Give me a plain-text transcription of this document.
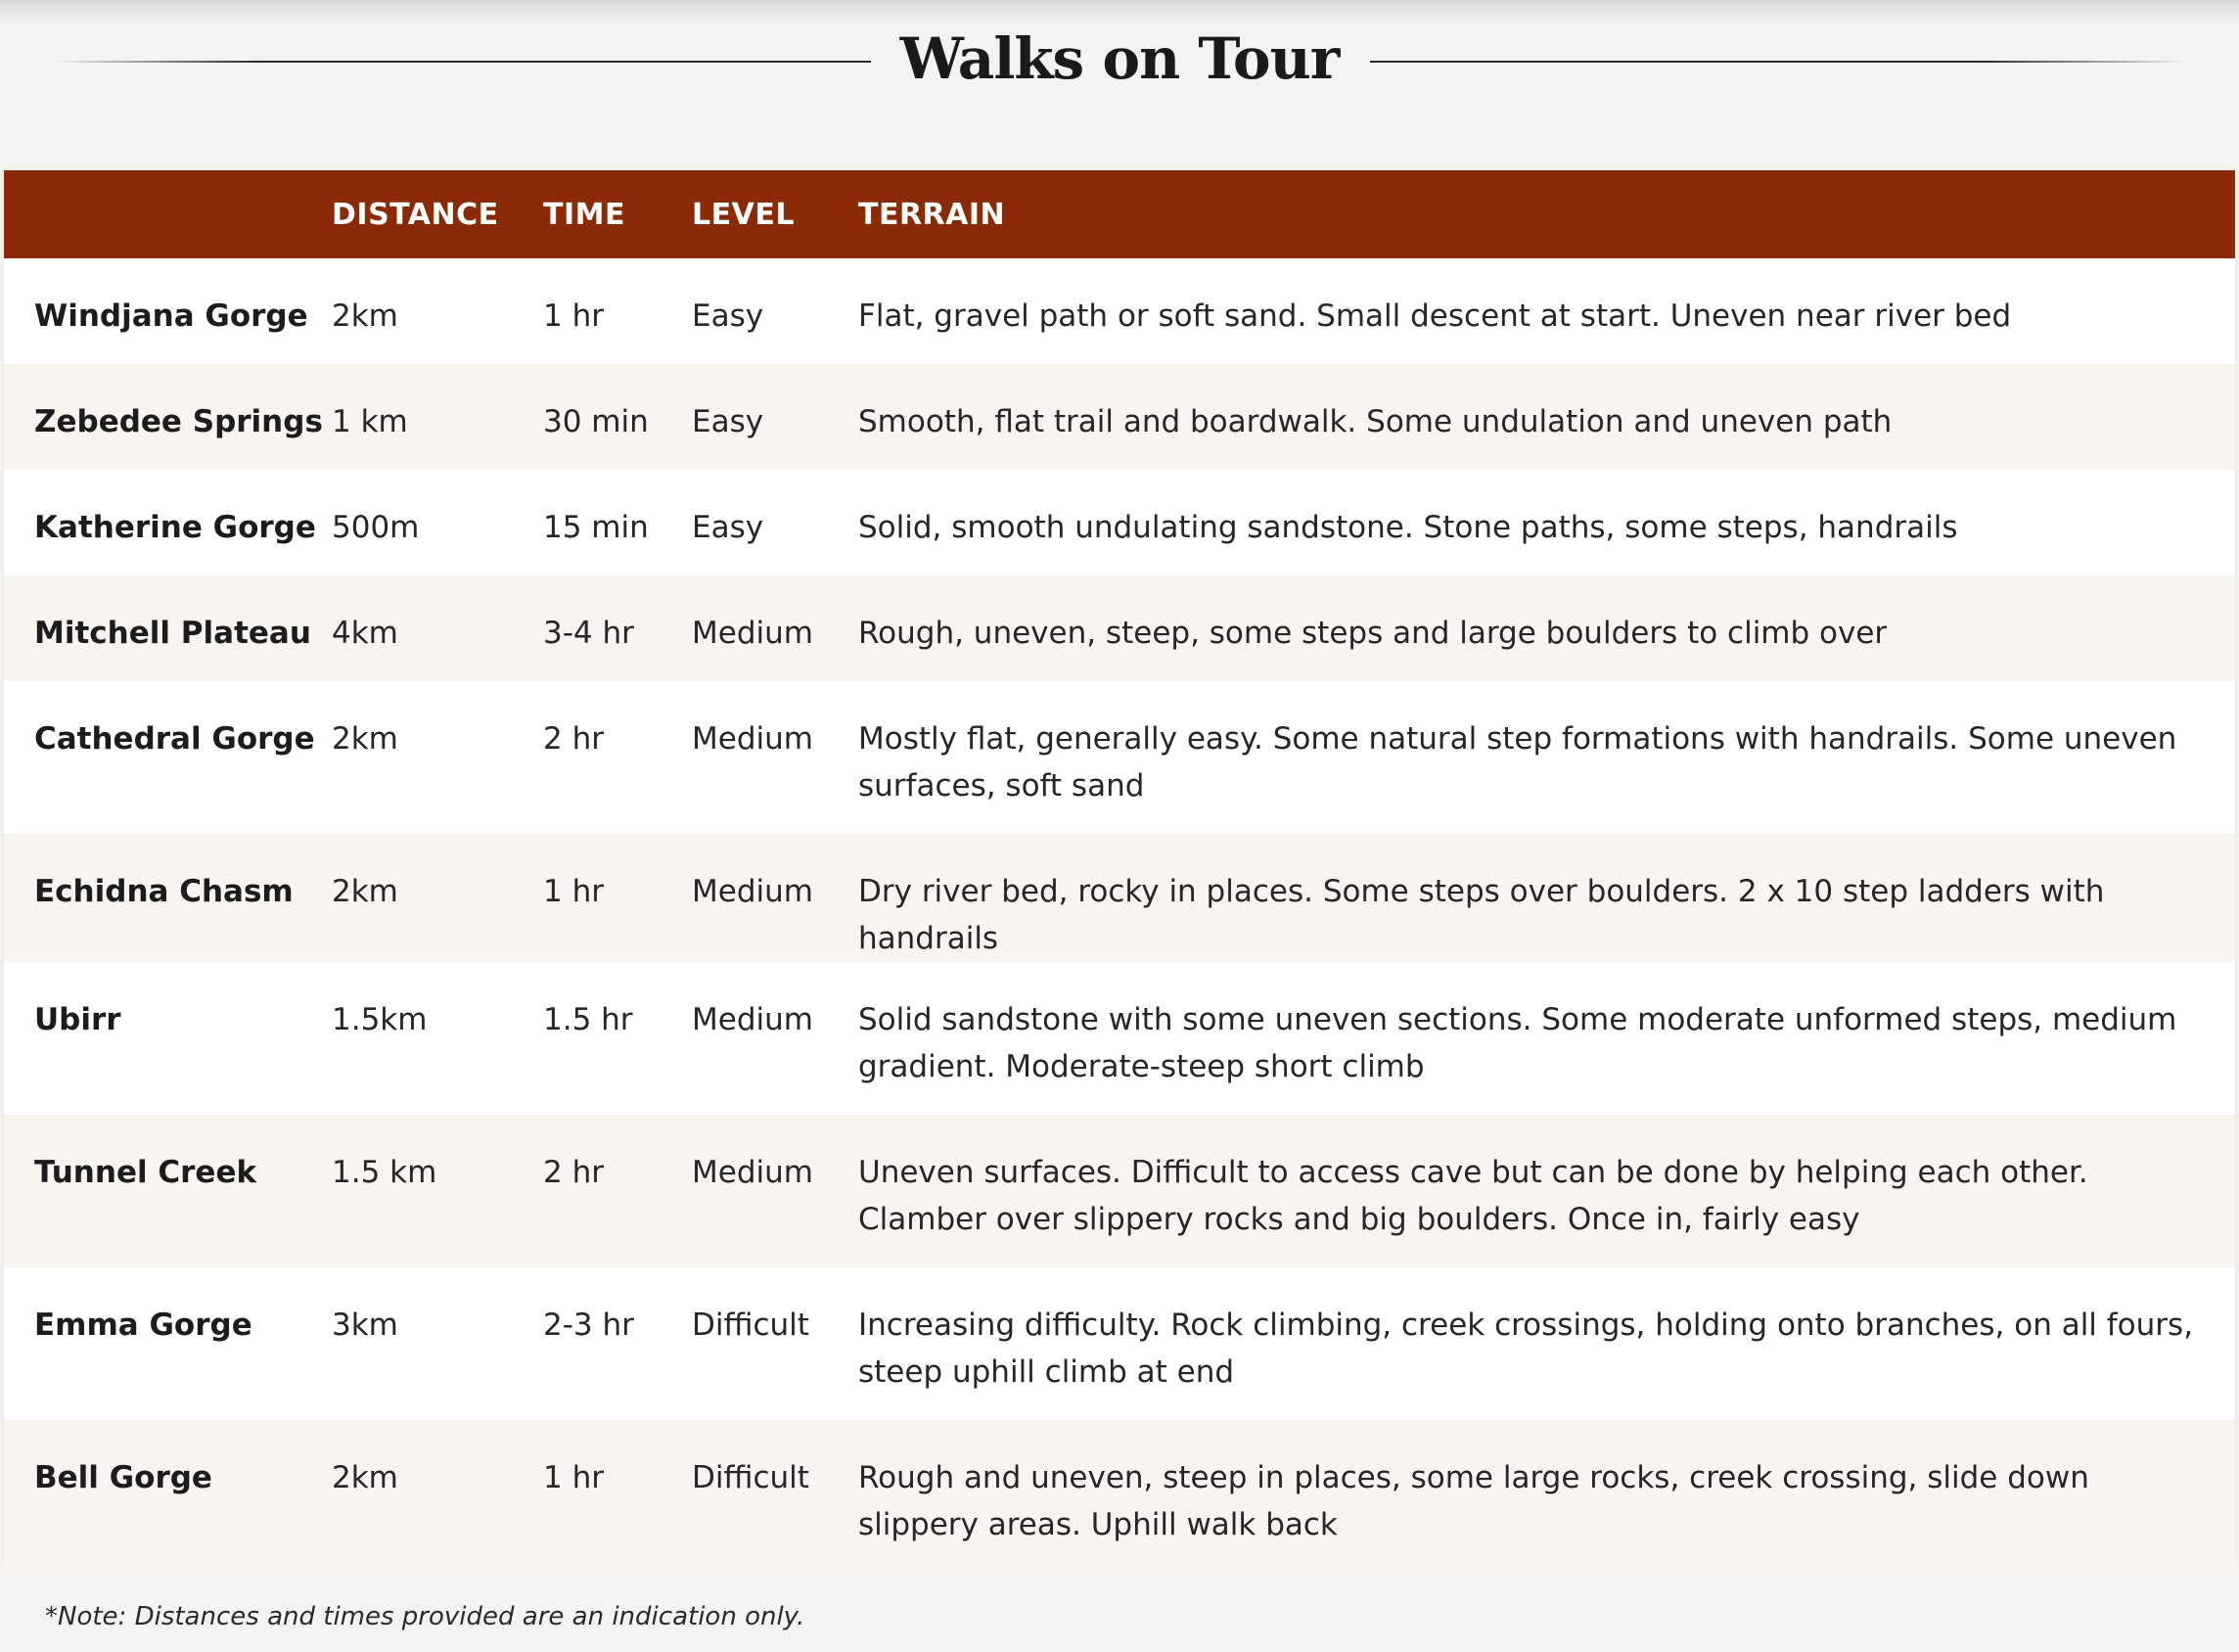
Walks on Tour
	DISTANCE	TIME	LEVEL	TERRAIN

Windjana Gorge	2km	1 hr	Easy	Flat, gravel path or soft sand. Small descent at start. Uneven near river bed

Zebedee Springs	1 km	30 min	Easy	Smooth, flat trail and boardwalk. Some undulation and uneven path

Katherine Gorge	500m	15 min	Easy	Solid, smooth undulating sandstone. Stone paths, some steps, handrails

Mitchell Plateau	4km	3-4 hr	Medium	Rough, uneven, steep, some steps and large boulders to climb over

Cathedral Gorge	2km	2 hr	Medium	Mostly flat, generally easy. Some natural step formations with handrails. Some uneven surfaces, soft sand

Echidna Chasm	2km	1 hr	Medium	Dry river bed, rocky in places. Some steps over boulders. 2 x 10 step ladders with handrails

Ubirr	1.5km	1.5 hr	Medium	Solid sandstone with some uneven sections. Some moderate unformed steps, medium gradient. Moderate-steep short climb

Tunnel Creek	1.5 km	2 hr	Medium	Uneven surfaces. Difficult to access cave but can be done by helping each other. Clamber over slippery rocks and big boulders. Once in, fairly easy

Emma Gorge	3km	2-3 hr	Difficult	Increasing difficulty. Rock climbing, creek crossings, holding onto branches, on all fours, steep uphill climb at end

Bell Gorge	2km	1 hr	Difficult	Rough and uneven, steep in places, some large rocks, creek crossing, slide down slippery areas. Uphill walk back
*Note: Distances and times provided are an indication only.
